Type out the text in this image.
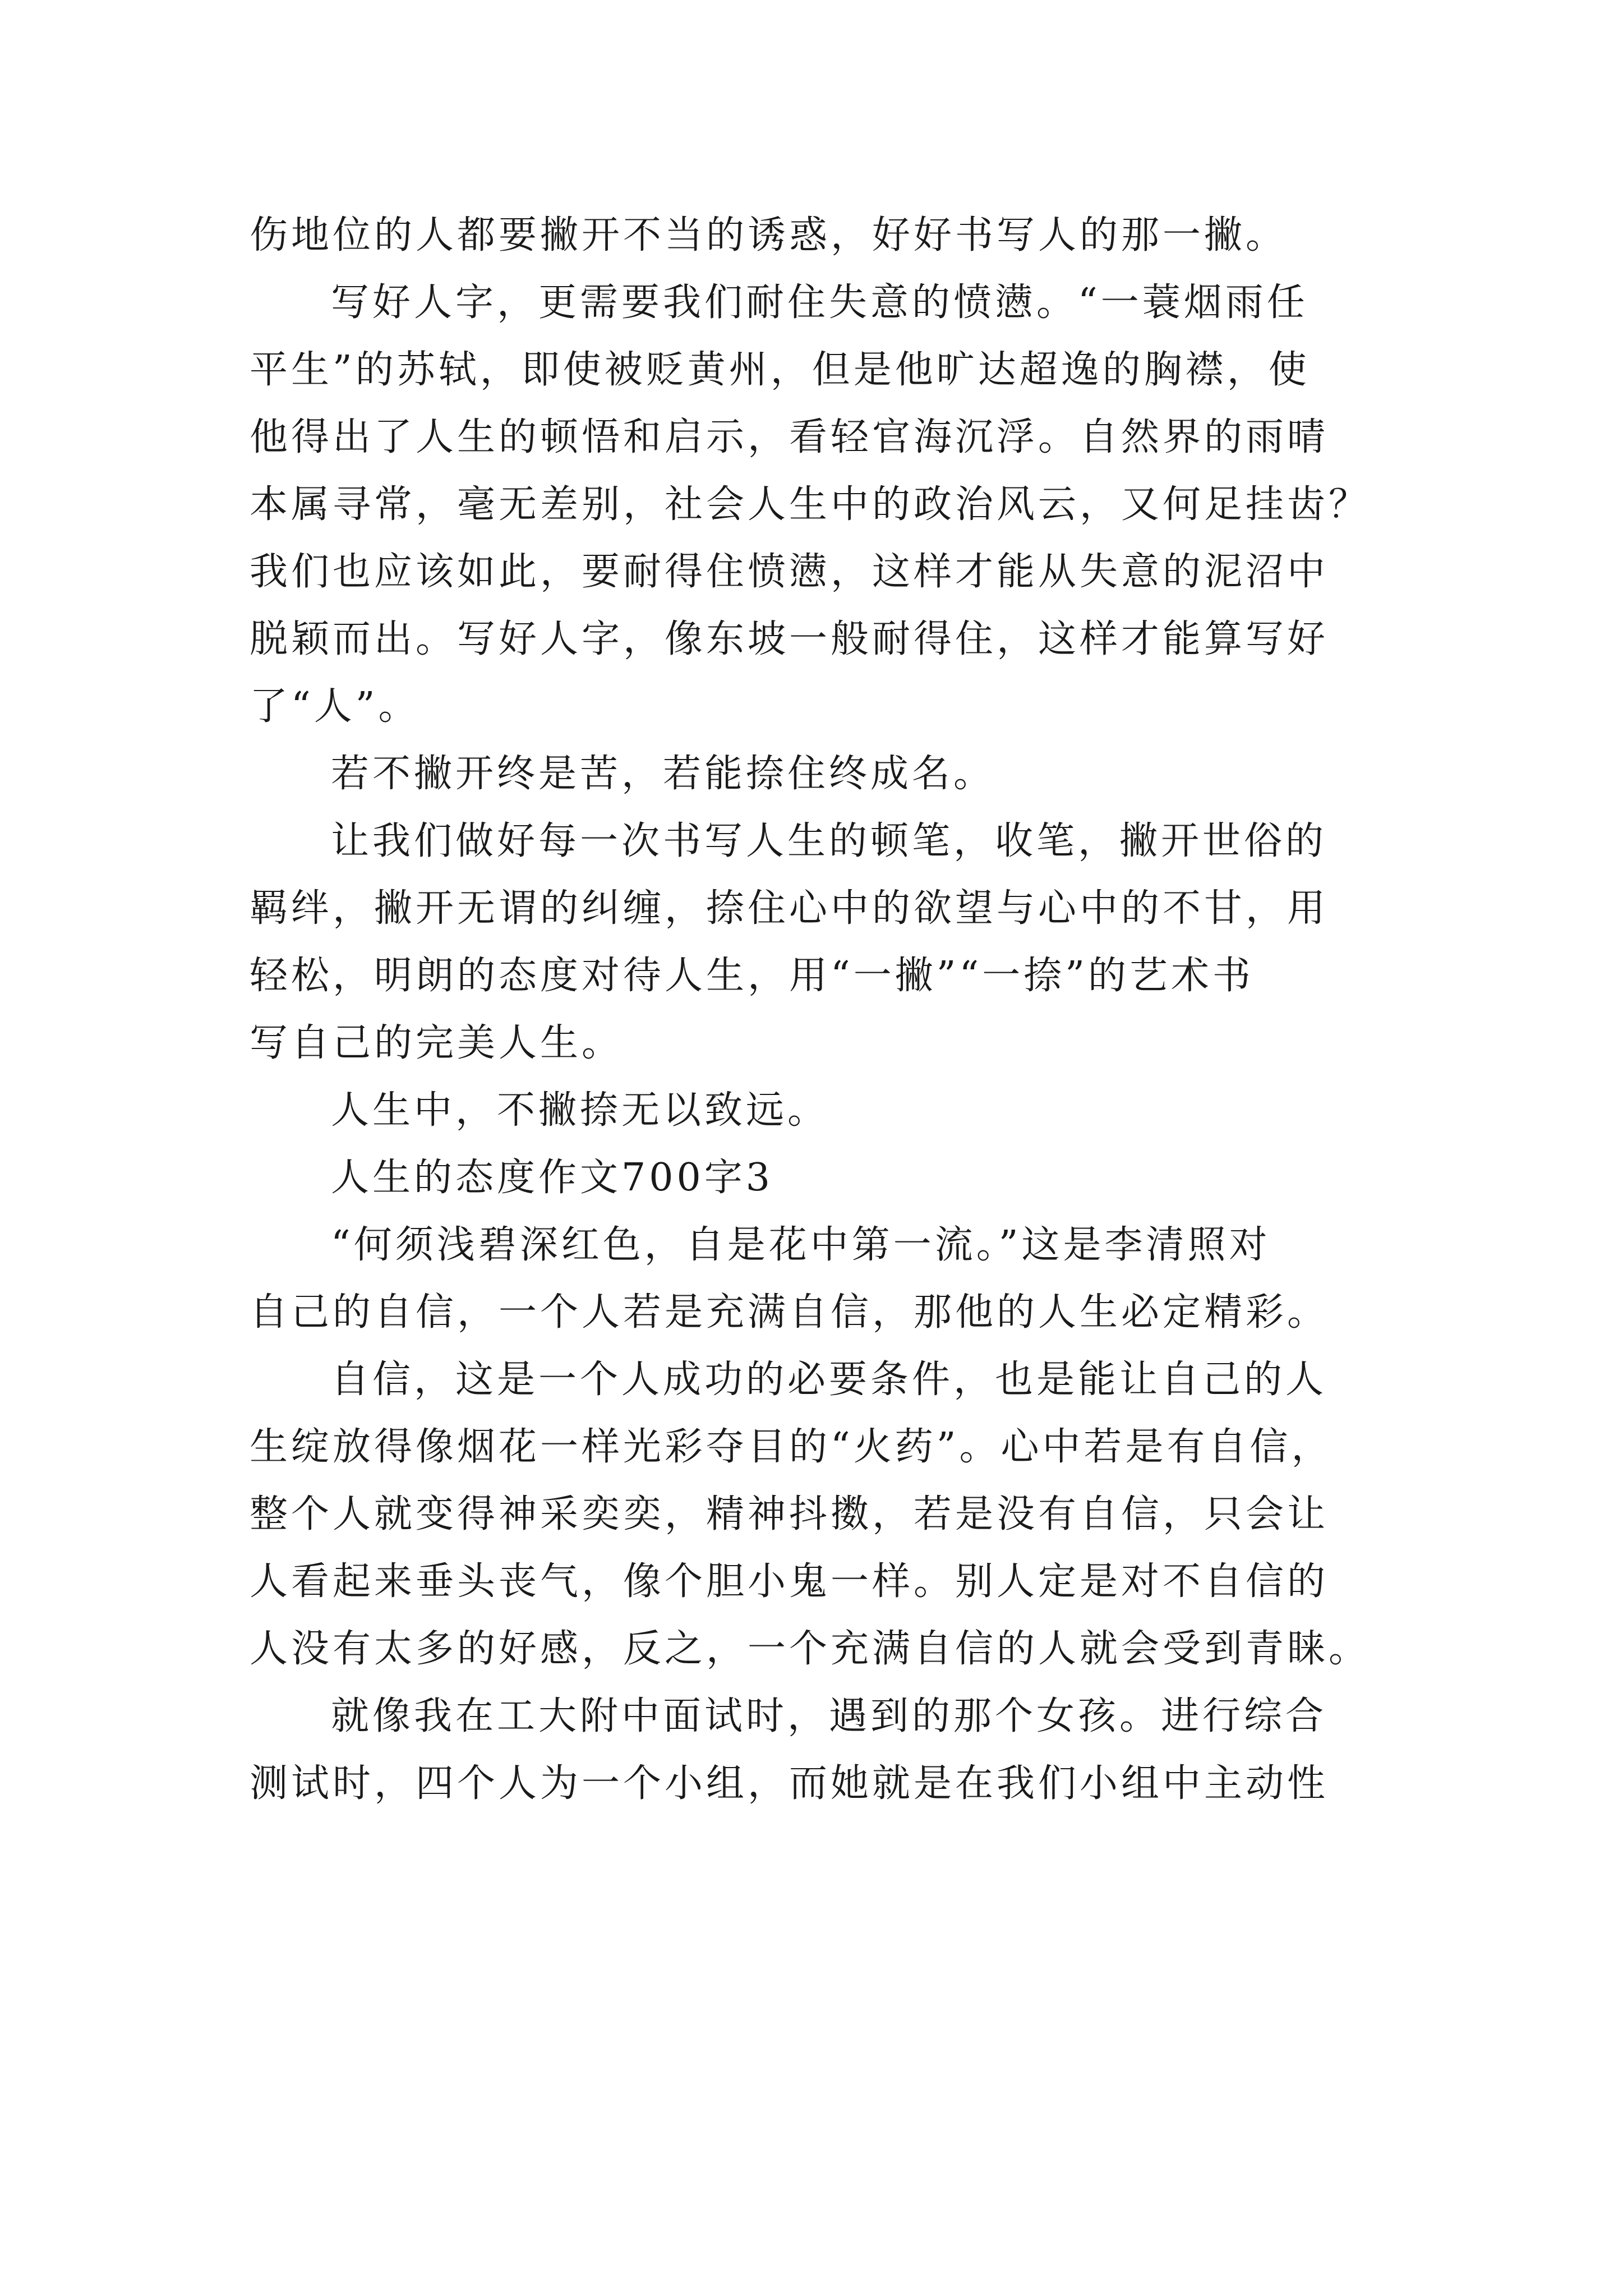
伤地位的人都要撇开不当的诱惑，好好书写人的那一撇。
写好人字，更需要我们耐住失意的愤懑。“一蓑烟雨任
平生”的苏轼，即使被贬黄州，但是他旷达超逸的胸襟，使
他得出了人生的顿悟和启示，看轻官海沉浮。自然界的雨晴
本属寻常，毫无差别，社会人生中的政治风云，又何足挂齿？
我们也应该如此，要耐得住愤懑，这样才能从失意的泥沼中
脱颖而出。写好人字，像东坡一般耐得住，这样才能算写好
了“人”。
若不撇开终是苦，若能捺住终成名。
让我们做好每一次书写人生的顿笔，收笔，撇开世俗的
羁绊，撇开无谓的纠缠，捺住心中的欲望与心中的不甘，用
轻松，明朗的态度对待人生，用“一撇”“一捺”的艺术书
写自己的完美人生。
人生中，不撇捺无以致远。
人生的态度作文700字3
“何须浅碧深红色，自是花中第一流。”这是李清照对
自己的自信，一个人若是充满自信，那他的人生必定精彩。
自信，这是一个人成功的必要条件，也是能让自己的人
生绽放得像烟花一样光彩夺目的“火药”。心中若是有自信，
整个人就变得神采奕奕，精神抖擞，若是没有自信，只会让
人看起来垂头丧气，像个胆小鬼一样。别人定是对不自信的
人没有太多的好感，反之，一个充满自信的人就会受到青睐。
就像我在工大附中面试时，遇到的那个女孩。进行综合
测试时，四个人为一个小组，而她就是在我们小组中主动性
